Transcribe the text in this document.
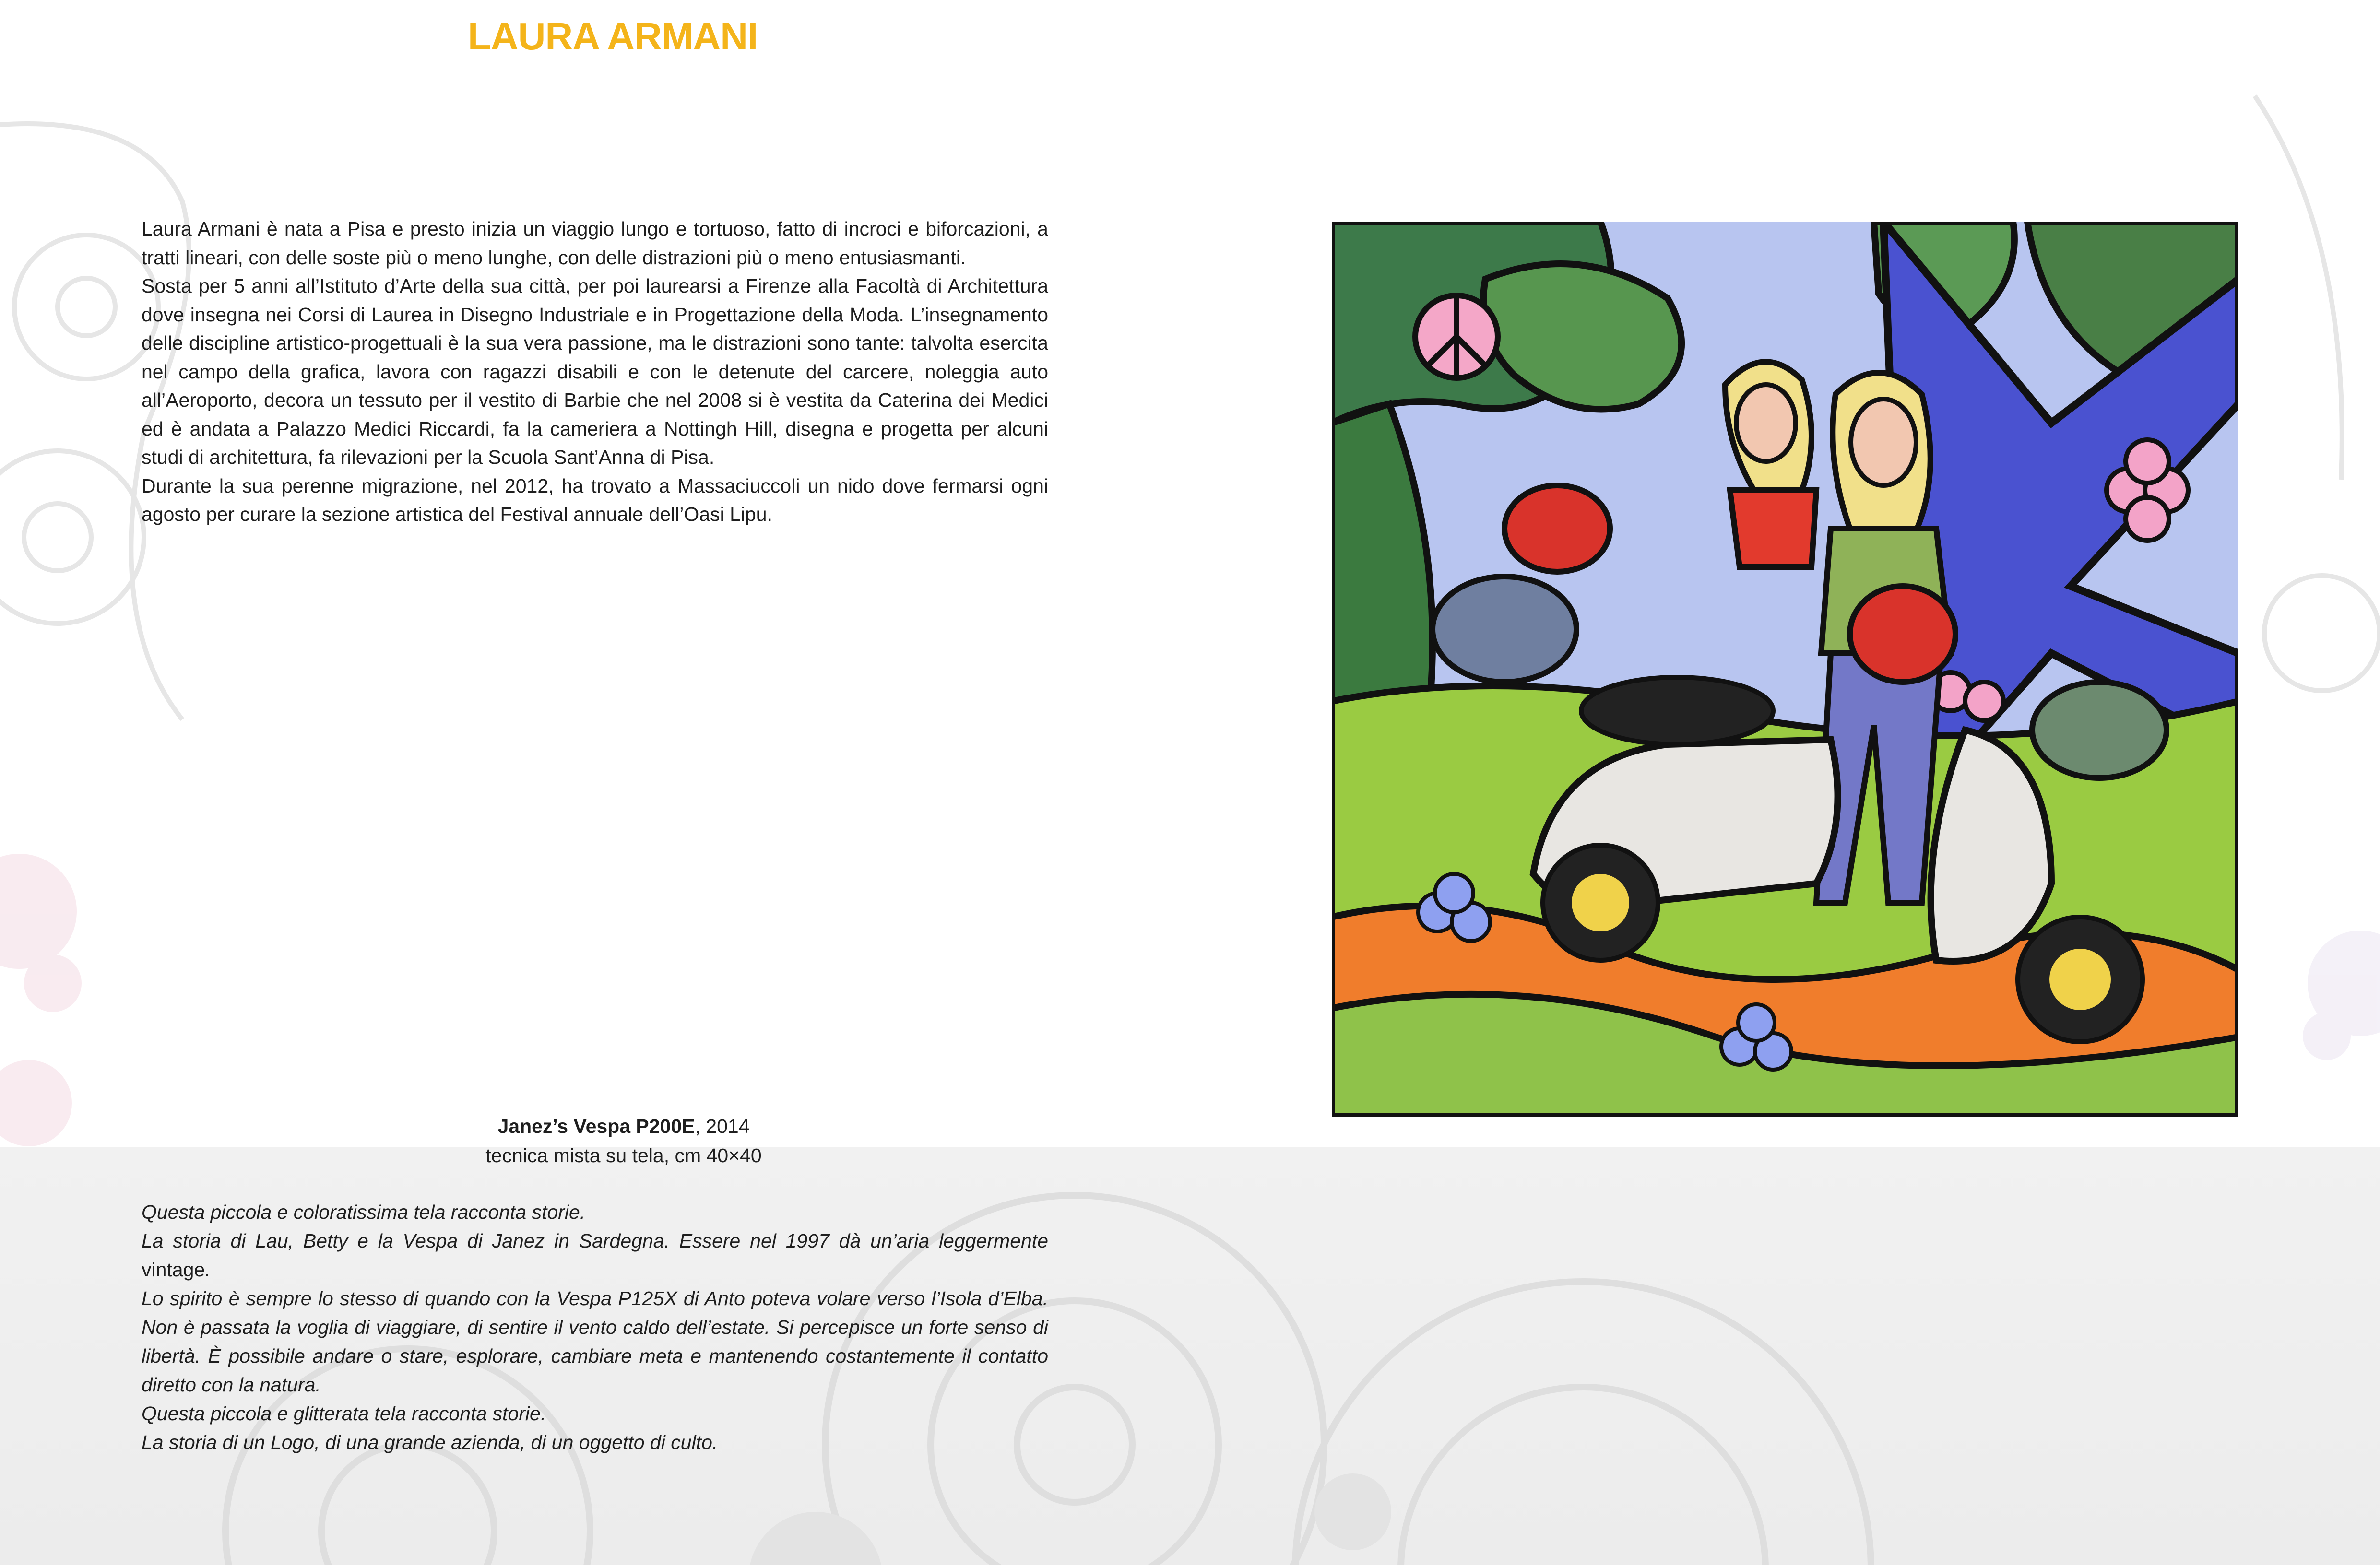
LAURA ARMANI

Laura Armani è nata a Pisa e presto inizia un viaggio lungo e tortuoso, fatto di incroci e biforcazioni, a tratti lineari, con delle soste più o meno lunghe, con delle distrazioni più o meno entusiasmanti.

Sosta per 5 anni all’Istituto d’Arte della sua città, per poi laurearsi a Firenze alla Facoltà di Architettura dove insegna nei Corsi di Laurea in Disegno Industriale e in Progettazione della Moda. L’insegnamento delle discipline artistico-progettuali è la sua vera passione, ma le distrazioni sono tante: talvolta esercita nel campo della grafica, lavora con ragazzi disabili e con le detenute del carcere, noleggia auto all’Aeroporto, decora un tessuto per il vestito di Barbie che nel 2008 si è vestita da Caterina dei Medici ed è andata a Palazzo Medici Riccardi, fa la cameriera a Nottingh Hill, disegna e progetta per alcuni studi di architettura, fa rilevazioni per la Scuola Sant’Anna di Pisa.

Durante la sua perenne migrazione, nel 2012, ha trovato a Massaciuccoli un nido dove fermarsi ogni agosto per curare la sezione artistica del Festival annuale dell’Oasi Lipu.

Janez’s Vespa P200E, 2014
tecnica mista su tela, cm 40×40

Questa piccola e coloratissima tela racconta storie.

La storia di Lau, Betty e la Vespa di Janez in Sardegna. Essere nel 1997 dà un’aria leggermente vintage.

Lo spirito è sempre lo stesso di quando con la Vespa P125X di Anto poteva volare verso l’Isola d’Elba. Non è passata la voglia di viaggiare, di sentire il vento caldo dell’estate. Si percepisce un forte senso di libertà. È possibile andare o stare, esplorare, cambiare meta e mantenendo costantemente il contatto diretto con la natura.

Questa piccola e glitterata tela racconta storie.

La storia di un Logo, di una grande azienda, di un oggetto di culto.
